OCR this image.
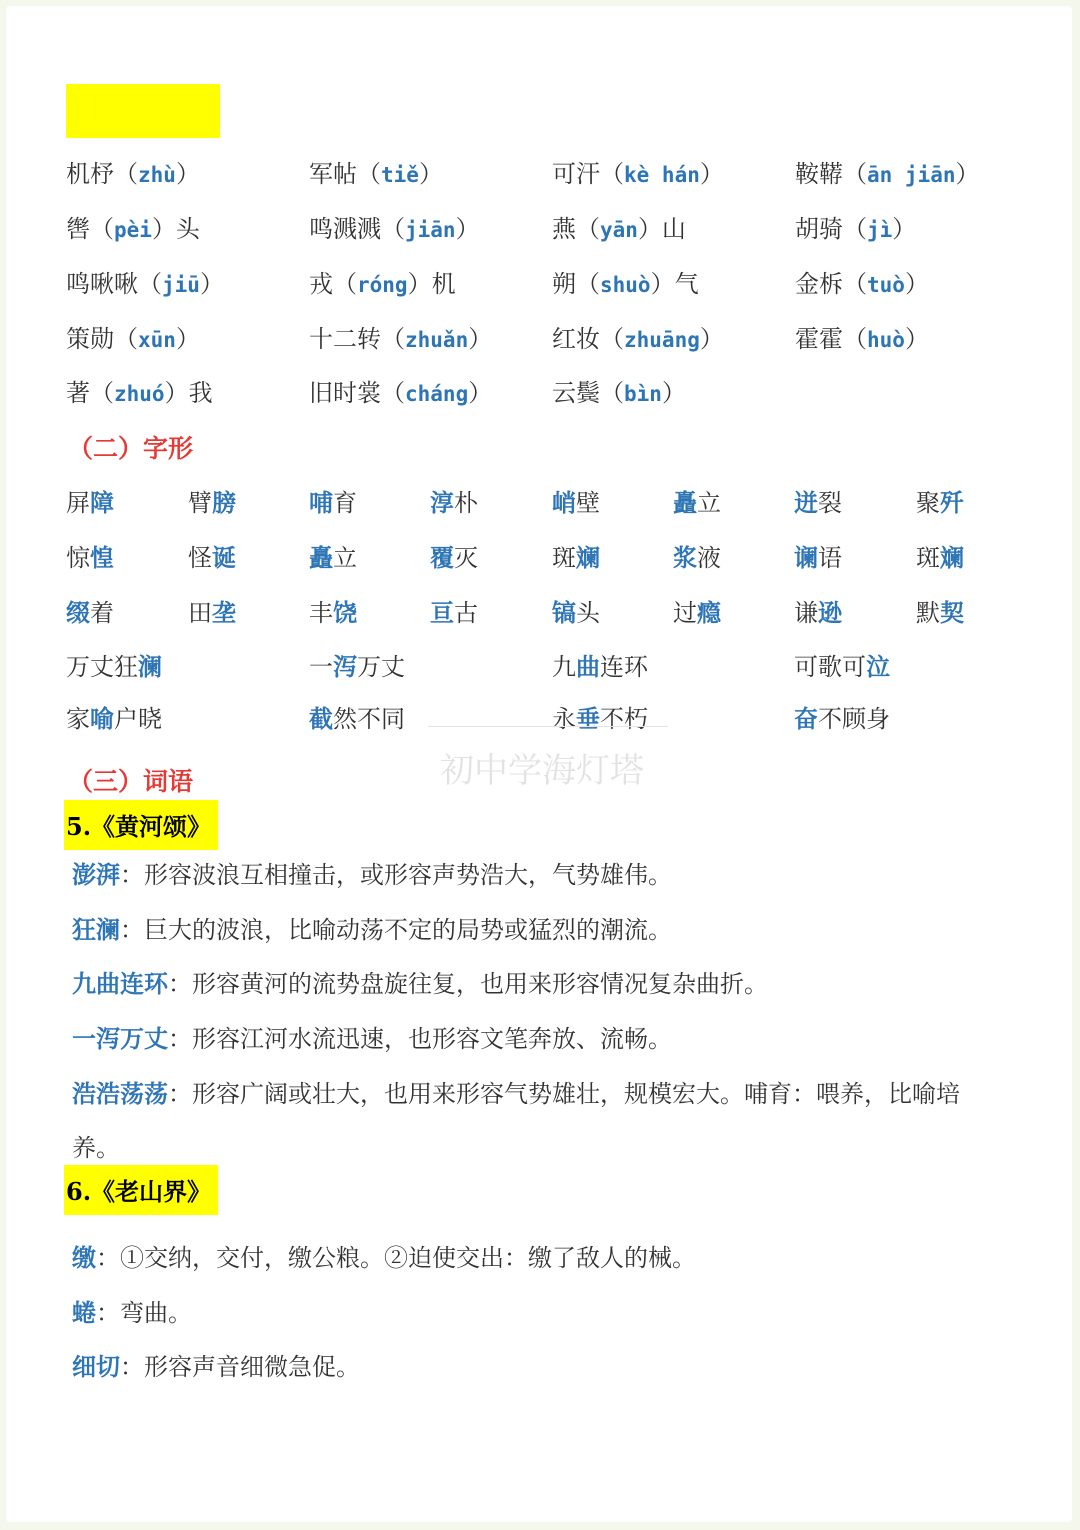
机杼（zhù）	军帖（tiě）	可汗（kè hán）	鞍鞯（ān jiān）
辔（pèi）头	鸣溅溅（jiān）	燕（yān）山	胡骑（jì）
鸣啾啾（jiū）	戎（róng）机	朔（shuò）气	金柝（tuò）
策勋（xūn）	十二转（zhuǎn） 红妆（zhuāng）	霍霍（huò）
著（zhuó）我	旧时裳（cháng） 云鬓（bìn）
（二）字形
屏障	臂膀	哺育	淳朴	峭壁	矗立	迸裂	聚歼
惊惶	怪诞	矗立	覆灭	斑斓	浆液	谰语	斑斓
缀着	田垄	丰饶	亘古	镐头	过瘾	谦逊	默契
万丈狂澜	一泻万丈	九曲连环	可歌可泣
家喻户晓	截然不同	永垂不朽	奋不顾身
初中学海灯塔
（三）词语
5.《黄河颂》
澎湃：形容波浪互相撞击，或形容声势浩大，气势雄伟。
狂澜：巨大的波浪，比喻动荡不定的局势或猛烈的潮流。
九曲连环：形容黄河的流势盘旋往复，也用来形容情况复杂曲折。
一泻万丈：形容江河水流迅速，也形容文笔奔放、流畅。
浩浩荡荡：形容广阔或壮大，也用来形容气势雄壮，规模宏大。哺育：喂养，比喻培
养。
6.《老山界》
缴：①交纳，交付，缴公粮。②迫使交出：缴了敌人的械。
蜷：弯曲。
细切：形容声音细微急促。
